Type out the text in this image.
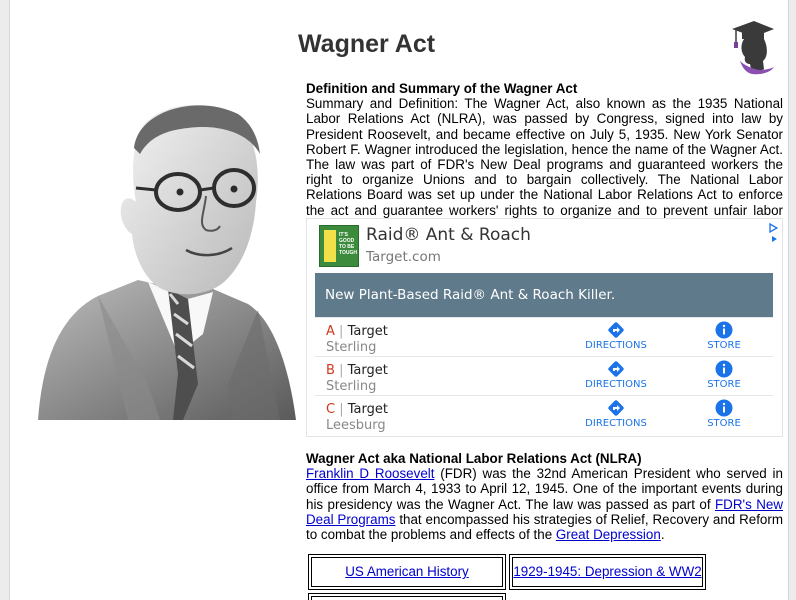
Wagner Act
Definition and Summary of the Wagner Act

Summary and Definition: The Wagner Act, also known as the 1935 National Labor Relations Act (NLRA), was passed by Congress, signed into law by President Roosevelt, and became effective on July 5, 1935. New York Senator Robert F. Wagner introduced the legislation, hence the name of the Wagner Act. The law was part of FDR's New Deal programs and guaranteed workers the right to organize Unions and to bargain collectively. The National Labor Relations Board was set up under the National Labor Relations Act to enforce the act and guarantee workers' rights to organize and to prevent unfair labor

IT'S GOOD TO BE TOUGH
Raid® Ant & Roach
Target.com
New Plant-Based Raid® Ant & Roach Killer.
A | Target
Sterling	DIRECTIONS	STORE
B | Target
Sterling	DIRECTIONS	STORE
C | Target
Leesburg	DIRECTIONS	STORE
Wagner Act aka National Labor Relations Act (NLRA)

Franklin D Roosevelt (FDR) was the 32nd American President who served in office from March 4, 1933 to April 12, 1945. One of the important events during his presidency was the Wagner Act. The law was passed as part of FDR's New Deal Programs that encompassed his strategies of Relief, Recovery and Reform to combat the problems and effects of the Great Depression.

US American History	1929-1945: Depression & WW2
